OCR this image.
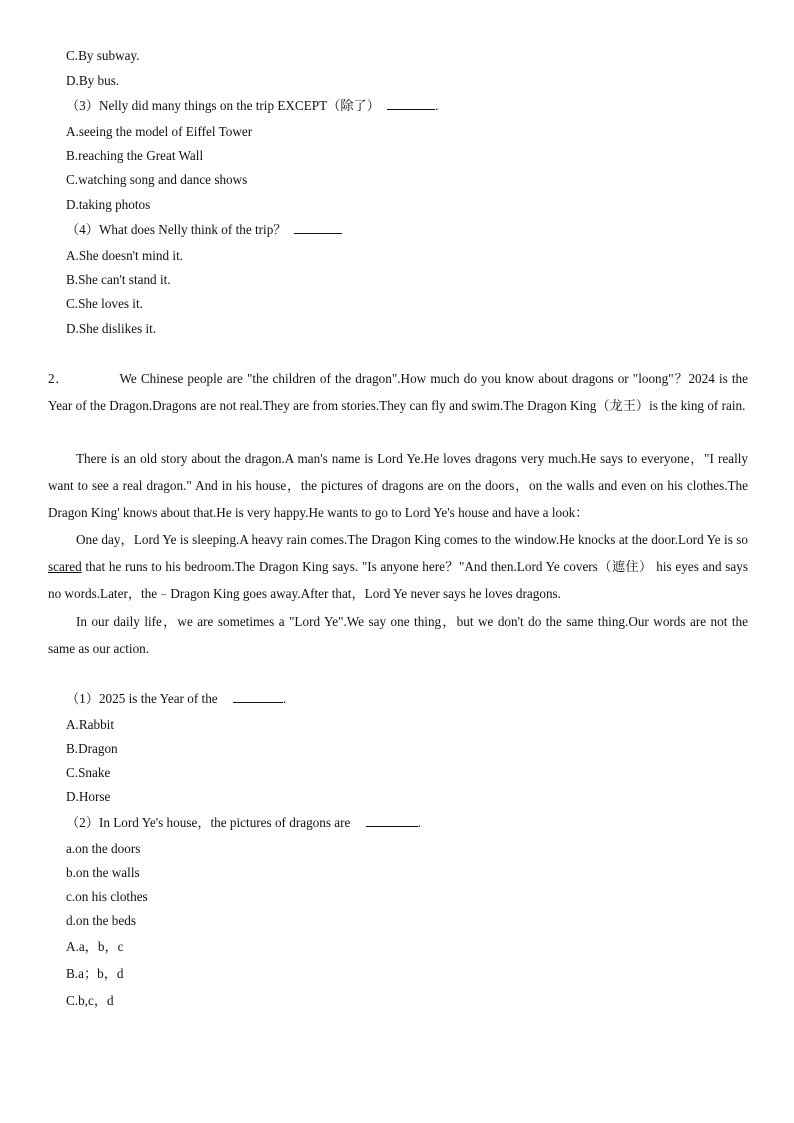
C.By subway.
D.By bus.
（3）Nelly did many things on the trip EXCEPT（除了）	.
A.seeing the model of Eiffel Tower
B.reaching the Great Wall
C.watching song and dance shows
D.taking photos
（4）What does Nelly think of the trip？
A.She doesn't mind it.
B.She can't stand it.
C.She loves it.
D.She dislikes it.
2．	We Chinese people are "the children of the dragon".How much do you know about dragons or "loong"？2024 is the Year of the Dragon.Dragons are not real.They are from stories.They can fly and swim.The Dragon King（龙王）is the king of rain.
There is an old story about the dragon.A man's name is Lord Ye.He loves dragons very much.He says to everyone，"I really want to see a real dragon." And in his house，the pictures of dragons are on the doors，on the walls and even on his clothes.The Dragon King' knows about that.He is very happy.He wants to go to Lord Ye's house and have a look：
One day，Lord Ye is sleeping.A heavy rain comes.The Dragon King comes to the window.He knocks at the door.Lord Ye is so scared that he runs to his bedroom.The Dragon King says. "Is anyone here？"And then.Lord Ye covers（遮住） his eyes and says no words.Later，the﹣Dragon King goes away.After that，Lord Ye never says he loves dragons.
In our daily life，we are sometimes a "Lord Ye".We say one thing，but we don't do the same thing.Our words are not the same as our action.
（1）2025 is the Year of the	.
A.Rabbit
B.Dragon
C.Snake
D.Horse
（2）In Lord Ye's house，the pictures of dragons are	.
a.on the doors
b.on the walls
c.on his clothes
d.on the beds
A.a，b，c
B.a；b，d
C.b,c，d
